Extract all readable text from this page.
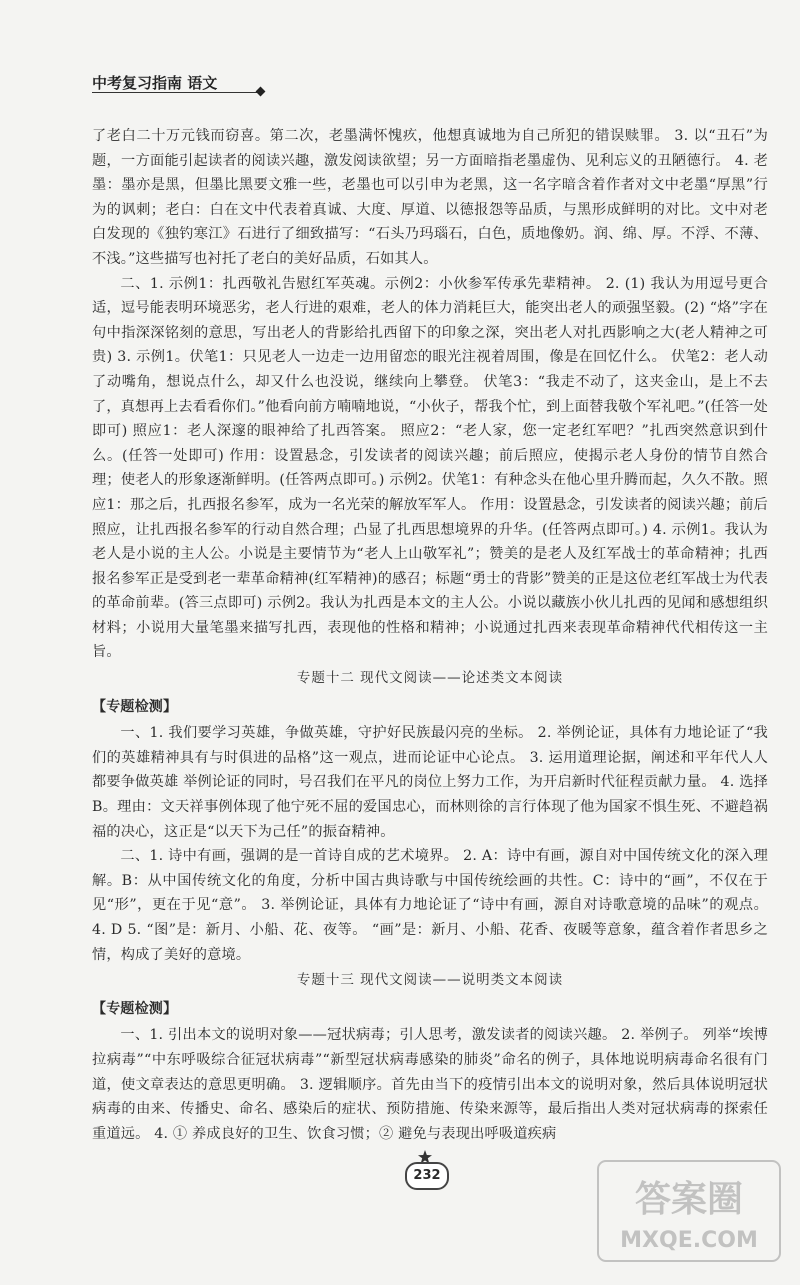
中考复习指南 语文

了老白二十万元钱而窃喜。第二次，老墨满怀愧疚，他想真诚地为自己所犯的错误赎罪。 3. 以“丑石”为题，一方面能引起读者的阅读兴趣，激发阅读欲望；另一方面暗指老墨虚伪、见利忘义的丑陋德行。 4. 老墨：墨亦是黑，但墨比黑要文雅一些，老墨也可以引申为老黑，这一名字暗含着作者对文中老墨“厚黑”行为的讽刺；老白：白在文中代表着真诚、大度、厚道、以德报怨等品质，与黑形成鲜明的对比。文中对老白发现的《独钓寒江》石进行了细致描写：“石头乃玛瑙石，白色，质地像奶。润、绵、厚。不浮、不薄、不浅。”这些描写也衬托了老白的美好品质，石如其人。

二、1. 示例1：扎西敬礼告慰红军英魂。示例2：小伙参军传承先辈精神。 2. (1) 我认为用逗号更合适，逗号能表明环境恶劣，老人行进的艰难，老人的体力消耗巨大，能突出老人的顽强坚毅。(2) “烙”字在句中指深深铭刻的意思，写出老人的背影给扎西留下的印象之深，突出老人对扎西影响之大(老人精神之可贵) 3. 示例1。伏笔1：只见老人一边走一边用留恋的眼光注视着周围，像是在回忆什么。 伏笔2：老人动了动嘴角，想说点什么，却又什么也没说，继续向上攀登。 伏笔3：“我走不动了，这夹金山，是上不去了，真想再上去看看你们。”他看向前方喃喃地说，“小伙子，帮我个忙，到上面替我敬个军礼吧。”(任答一处即可) 照应1：老人深邃的眼神给了扎西答案。 照应2：“老人家，您一定老红军吧？”扎西突然意识到什么。(任答一处即可) 作用：设置悬念，引发读者的阅读兴趣；前后照应，使揭示老人身份的情节自然合理；使老人的形象逐渐鲜明。(任答两点即可。) 示例2。伏笔1：有种念头在他心里升腾而起，久久不散。照应1：那之后，扎西报名参军，成为一名光荣的解放军军人。 作用：设置悬念，引发读者的阅读兴趣；前后照应，让扎西报名参军的行动自然合理；凸显了扎西思想境界的升华。(任答两点即可。) 4. 示例1。我认为老人是小说的主人公。小说是主要情节为“老人上山敬军礼”；赞美的是老人及红军战士的革命精神；扎西报名参军正是受到老一辈革命精神(红军精神)的感召；标题“勇士的背影”赞美的正是这位老红军战士为代表的革命前辈。(答三点即可) 示例2。我认为扎西是本文的主人公。小说以藏族小伙儿扎西的见闻和感想组织材料；小说用大量笔墨来描写扎西，表现他的性格和精神；小说通过扎西来表现革命精神代代相传这一主旨。

专题十二 现代文阅读——论述类文本阅读
【专题检测】

一、1. 我们要学习英雄，争做英雄，守护好民族最闪亮的坐标。 2. 举例论证，具体有力地论证了“我们的英雄精神具有与时俱进的品格”这一观点，进而论证中心论点。 3. 运用道理论据，阐述和平年代人人都要争做英雄 举例论证的同时，号召我们在平凡的岗位上努力工作，为开启新时代征程贡献力量。 4. 选择B。理由：文天祥事例体现了他宁死不屈的爱国忠心，而林则徐的言行体现了他为国家不惧生死、不避趋祸福的决心，这正是“以天下为己任”的振奋精神。

二、1. 诗中有画，强调的是一首诗自成的艺术境界。 2. A：诗中有画，源自对中国传统文化的深入理解。B：从中国传统文化的角度，分析中国古典诗歌与中国传统绘画的共性。C：诗中的“画”，不仅在于见“形”，更在于见“意”。 3. 举例论证，具体有力地论证了“诗中有画，源自对诗歌意境的品味”的观点。 4. D 5. “图”是：新月、小船、花、夜等。 “画”是：新月、小船、花香、夜暖等意象，蕴含着作者思乡之情，构成了美好的意境。

专题十三 现代文阅读——说明类文本阅读
【专题检测】

一、1. 引出本文的说明对象——冠状病毒；引人思考，激发读者的阅读兴趣。 2. 举例子。 列举“埃博拉病毒”“中东呼吸综合征冠状病毒”“新型冠状病毒感染的肺炎”命名的例子，具体地说明病毒命名很有门道，使文章表达的意思更明确。 3. 逻辑顺序。首先由当下的疫情引出本文的说明对象，然后具体说明冠状病毒的由来、传播史、命名、感染后的症状、预防措施、传染来源等，最后指出人类对冠状病毒的探索任重道远。 4. ① 养成良好的卫生、饮食习惯；② 避免与表现出呼吸道疾病

232
答案圈
MXQE.COM
